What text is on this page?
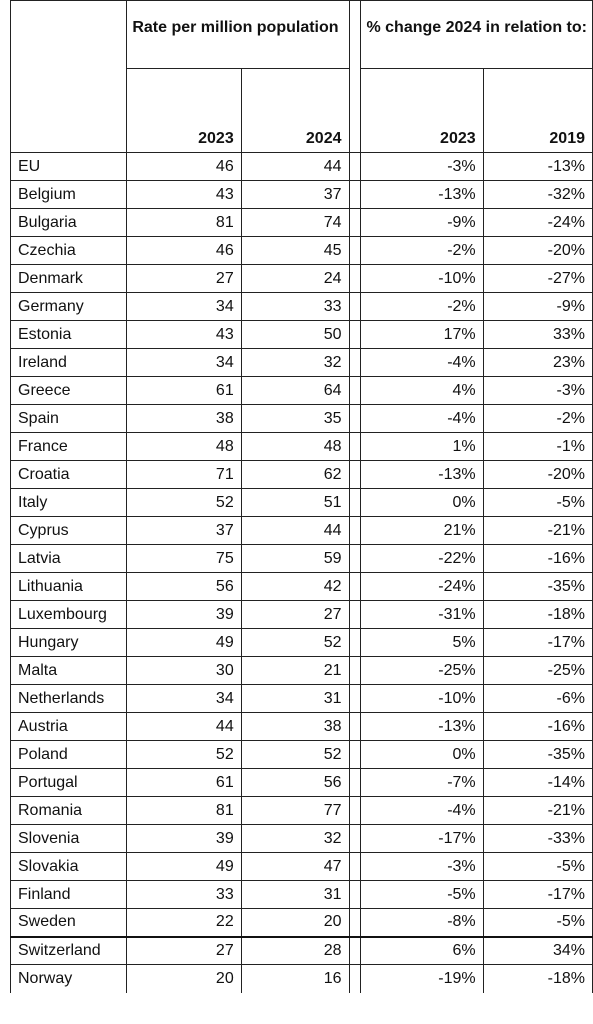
	Rate per million population			% change 2024 in relation to:	
	2023	2024		2023	2019
EU	46	44		-3%	-13%
Belgium	43	37		-13%	-32%
Bulgaria	81	74		-9%	-24%
Czechia	46	45		-2%	-20%
Denmark	27	24		-10%	-27%
Germany	34	33		-2%	-9%
Estonia	43	50		17%	33%
Ireland	34	32		-4%	23%
Greece	61	64		4%	-3%
Spain	38	35		-4%	-2%
France	48	48		1%	-1%
Croatia	71	62		-13%	-20%
Italy	52	51		0%	-5%
Cyprus	37	44		21%	-21%
Latvia	75	59		-22%	-16%
Lithuania	56	42		-24%	-35%
Luxembourg	39	27		-31%	-18%
Hungary	49	52		5%	-17%
Malta	30	21		-25%	-25%
Netherlands	34	31		-10%	-6%
Austria	44	38		-13%	-16%
Poland	52	52		0%	-35%
Portugal	61	56		-7%	-14%
Romania	81	77		-4%	-21%
Slovenia	39	32		-17%	-33%
Slovakia	49	47		-3%	-5%
Finland	33	31		-5%	-17%
Sweden	22	20		-8%	-5%
Switzerland	27	28		6%	34%
Norway	20	16		-19%	-18%
